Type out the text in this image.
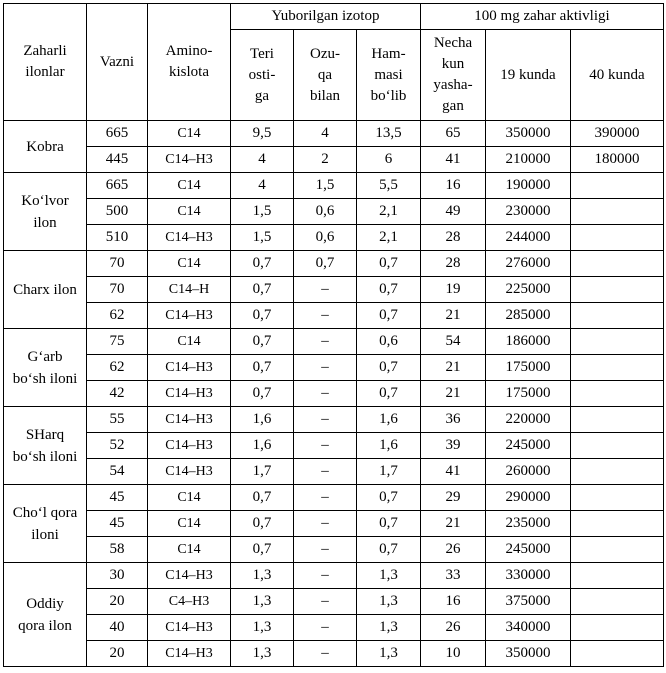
Zaharli ilonlar	Vazni	Amino-kislota	Yuborilgan izotop			100 mg zahar aktivligi		
			Teri osti-ga	Ozu-qa bilan	Ham-masi bo‘lib	Necha kun yasha-gan	19 kunda	40 kunda
Kobra	665	C14	9,5	4	13,5	65	350000	390000
	445	C14–H3	4	2	6	41	210000	180000
Ko‘lvor ilon	665	C14	4	1,5	5,5	16	190000	
	500	C14	1,5	0,6	2,1	49	230000	
	510	C14–H3	1,5	0,6	2,1	28	244000	
Charx ilon	70	C14	0,7	0,7	0,7	28	276000	
	70	C14–H	0,7	–	0,7	19	225000	
	62	C14–H3	0,7	–	0,7	21	285000	
G‘arb bo‘sh iloni	75	C14	0,7	–	0,6	54	186000	
	62	C14–H3	0,7	–	0,7	21	175000	
	42	C14–H3	0,7	–	0,7	21	175000	
SHarq bo‘sh iloni	55	C14–H3	1,6	–	1,6	36	220000	
	52	C14–H3	1,6	–	1,6	39	245000	
	54	C14–H3	1,7	–	1,7	41	260000	
Cho‘l qora iloni	45	C14	0,7	–	0,7	29	290000	
	45	C14	0,7	–	0,7	21	235000	
	58	C14	0,7	–	0,7	26	245000	
Oddiy qora ilon	30	C14–H3	1,3	–	1,3	33	330000	
	20	C4–H3	1,3	–	1,3	16	375000	
	40	C14–H3	1,3	–	1,3	26	340000	
	20	C14–H3	1,3	–	1,3	10	350000	
